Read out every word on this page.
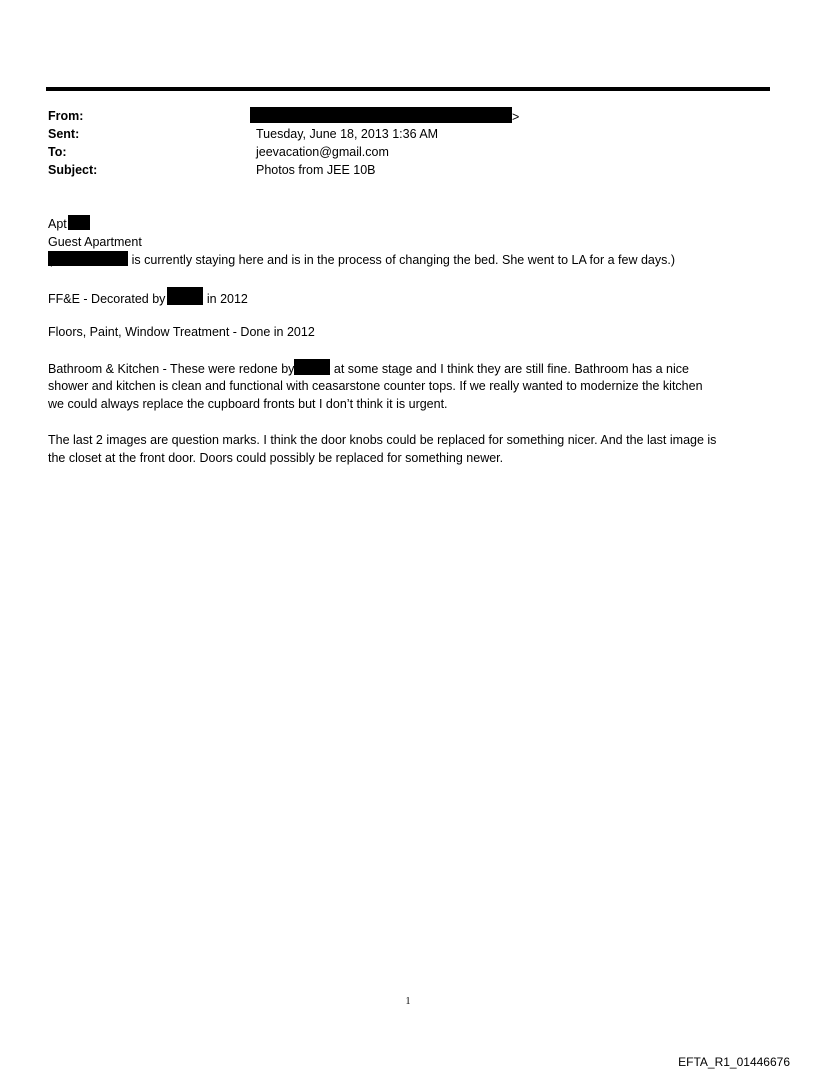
From:	>
Sent:	Tuesday, June 18, 2013 1:36 AM
To:	jeevacation@gmail.com
Subject:	Photos from JEE 10B
Apt
Guest Apartment
is currently staying here and is in the process of changing the bed. She went to LA for a few days.)
FF&E - Decorated by	in 2012
Floors, Paint, Window Treatment - Done in 2012
Bathroom & Kitchen - These were redone by	at some stage and I think they are still fine. Bathroom has a nice
shower and kitchen is clean and functional with ceasarstone counter tops. If we really wanted to modernize the kitchen
we could always replace the cupboard fronts but I don’t think it is urgent.
The last 2 images are question marks. I think the door knobs could be replaced for something nicer. And the last image is
the closet at the front door. Doors could possibly be replaced for something newer.
1
EFTA_R1_01446676
